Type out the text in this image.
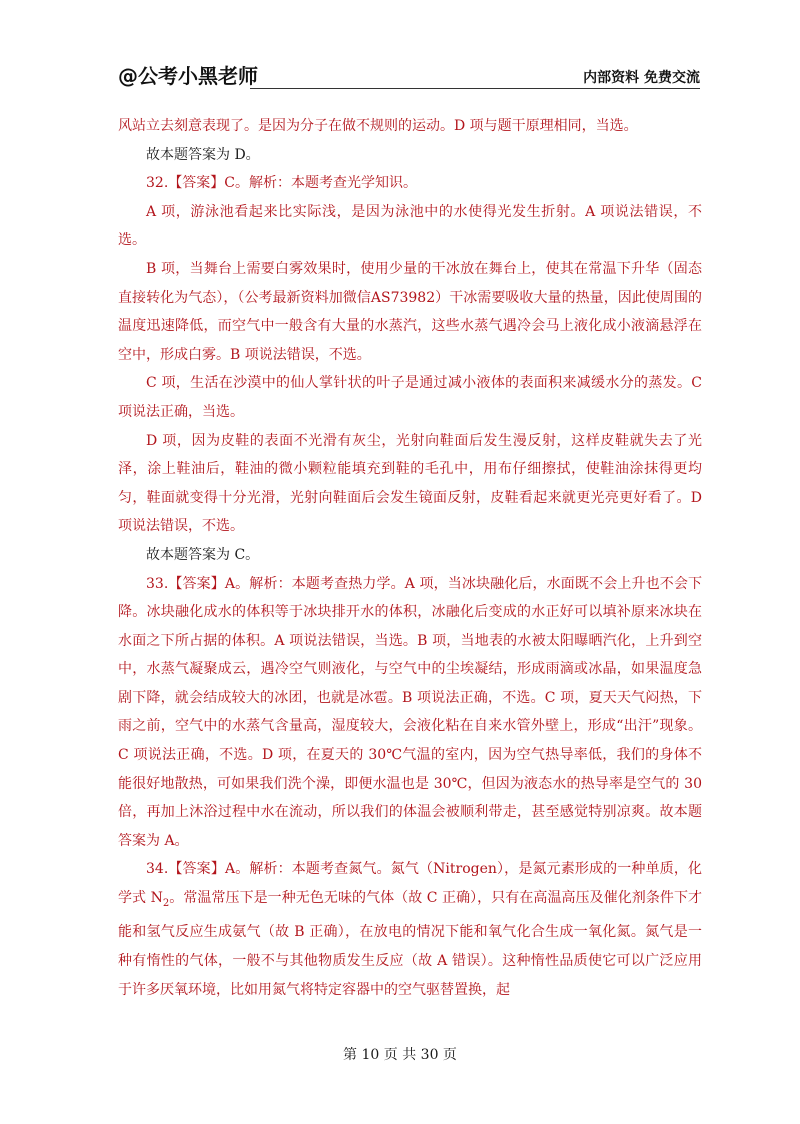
@公考小黑老师	内部资料 免费交流

风站立去刻意表现了。是因为分子在做不规则的运动。D 项与题干原理相同，当选。

故本题答案为 D。

32.【答案】C。解析：本题考查光学知识。

A 项，游泳池看起来比实际浅，是因为泳池中的水使得光发生折射。A 项说法错误，不选。

B 项，当舞台上需要白雾效果时，使用少量的干冰放在舞台上，使其在常温下升华（固态直接转化为气态），（公考最新资料加微信AS73982）干冰需要吸收大量的热量，因此使周围的温度迅速降低，而空气中一般含有大量的水蒸汽，这些水蒸气遇冷会马上液化成小液滴悬浮在空中，形成白雾。B 项说法错误，不选。

C 项，生活在沙漠中的仙人掌针状的叶子是通过减小液体的表面积来减缓水分的蒸发。C 项说法正确，当选。

D 项，因为皮鞋的表面不光滑有灰尘，光射向鞋面后发生漫反射，这样皮鞋就失去了光泽，涂上鞋油后，鞋油的微小颗粒能填充到鞋的毛孔中，用布仔细擦拭，使鞋油涂抹得更均匀，鞋面就变得十分光滑，光射向鞋面后会发生镜面反射，皮鞋看起来就更光亮更好看了。D 项说法错误，不选。

故本题答案为 C。

33.【答案】A。解析：本题考查热力学。A 项，当冰块融化后，水面既不会上升也不会下降。冰块融化成水的体积等于冰块排开水的体积，冰融化后变成的水正好可以填补原来冰块在水面之下所占据的体积。A 项说法错误，当选。B 项，当地表的水被太阳曝晒汽化，上升到空中，水蒸气凝聚成云，遇冷空气则液化，与空气中的尘埃凝结，形成雨滴或冰晶，如果温度急剧下降，就会结成较大的冰团，也就是冰雹。B 项说法正确，不选。C 项，夏天天气闷热，下雨之前，空气中的水蒸气含量高，湿度较大，会液化粘在自来水管外壁上，形成“出汗”现象。C 项说法正确，不选。D 项，在夏天的 30℃气温的室内，因为空气热导率低，我们的身体不能很好地散热，可如果我们洗个澡，即便水温也是 30℃，但因为液态水的热导率是空气的 30 倍，再加上沐浴过程中水在流动，所以我们的体温会被顺利带走，甚至感觉特别凉爽。故本题答案为 A。

34.【答案】A。解析：本题考查氮气。氮气（Nitrogen），是氮元素形成的一种单质，化学式 $N_2$。常温常压下是一种无色无味的气体（故 C 正确），只有在高温高压及催化剂条件下才能和氢气反应生成氨气（故 B 正确），在放电的情况下能和氧气化合生成一氧化氮。氮气是一种有惰性的气体，一般不与其他物质发生反应（故 A 错误）。这种惰性品质使它可以广泛应用于许多厌氧环境，比如用氮气将特定容器中的空气驱替置换，起

第 10 页 共 30 页
